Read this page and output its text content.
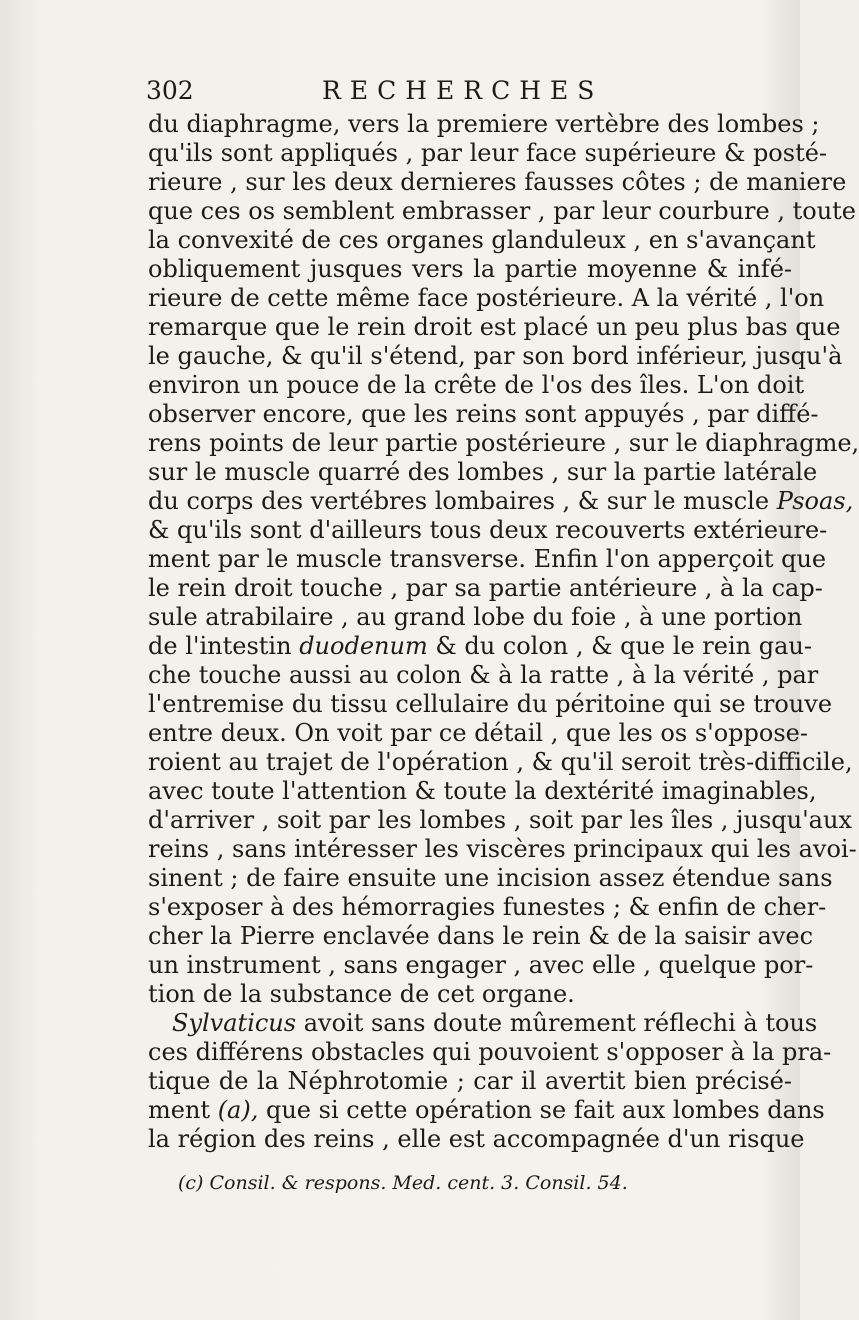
302	RECHERCHES
du diaphragme, vers la premiere vertèbre des lombes ;
qu'ils sont appliqués , par leur face supérieure & posté-
rieure , sur les deux dernieres fausses côtes ; de maniere
que ces os semblent embrasser , par leur courbure , toute
la convexité de ces organes glanduleux , en s'avançant
obliquement jusques vers la partie moyenne & infé-
rieure de cette même face postérieure. A la vérité , l'on
remarque que le rein droit est placé un peu plus bas que
le gauche, & qu'il s'étend, par son bord inférieur, jusqu'à
environ un pouce de la crête de l'os des îles. L'on doit
observer encore, que les reins sont appuyés , par diffé-
rens points de leur partie postérieure , sur le diaphragme,
sur le muscle quarré des lombes , sur la partie latérale
du corps des vertébres lombaires , & sur le muscle Psoas,
& qu'ils sont d'ailleurs tous deux recouverts extérieure-
ment par le muscle transverse. Enfin l'on apperçoit que
le rein droit touche , par sa partie antérieure , à la cap-
sule atrabilaire , au grand lobe du foie , à une portion
de l'intestin duodenum & du colon , & que le rein gau-
che touche aussi au colon & à la ratte , à la vérité , par
l'entremise du tissu cellulaire du péritoine qui se trouve
entre deux. On voit par ce détail , que les os s'oppose-
roient au trajet de l'opération , & qu'il seroit très-difficile,
avec toute l'attention & toute la dextérité imaginables,
d'arriver , soit par les lombes , soit par les îles , jusqu'aux
reins , sans intéresser les viscères principaux qui les avoi-
sinent ; de faire ensuite une incision assez étendue sans
s'exposer à des hémorragies funestes ; & enfin de cher-
cher la Pierre enclavée dans le rein & de la saisir avec
un instrument , sans engager , avec elle , quelque por-
tion de la substance de cet organe.
Sylvaticus avoit sans doute mûrement réflechi à tous
ces différens obstacles qui pouvoient s'opposer à la pra-
tique de la Néphrotomie ; car il avertit bien précisé-
ment (a), que si cette opération se fait aux lombes dans
la région des reins , elle est accompagnée d'un risque
(c) Consil. & respons. Med. cent. 3. Consil. 54.
